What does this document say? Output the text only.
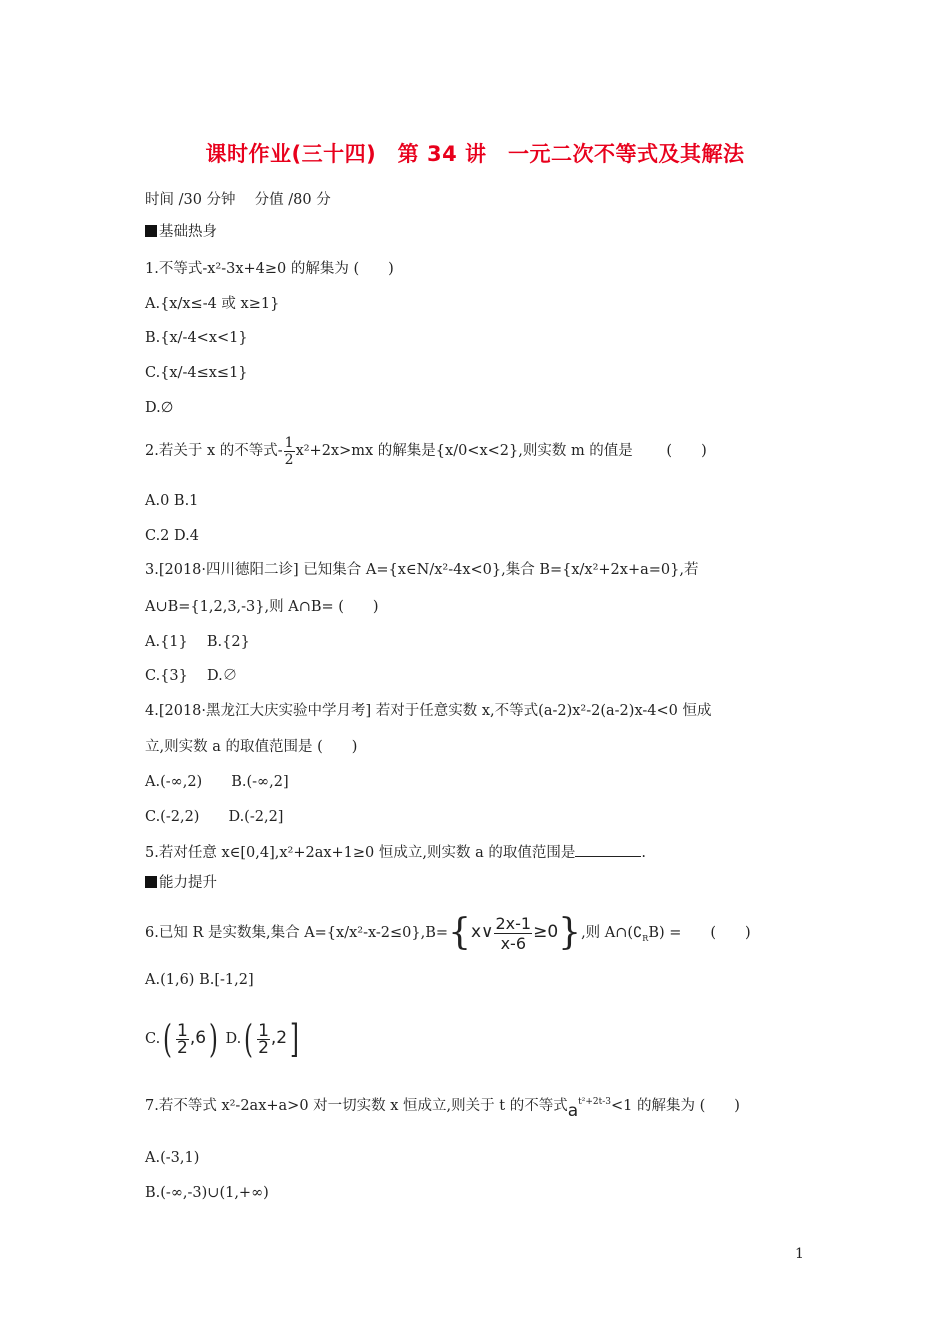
课时作业(三十四)　第 34 讲　一元二次不等式及其解法
时间 /30 分钟　 分值 /80 分
基础热身
1.不等式-x²-3x+4≥0 的解集为 (　　)
A.{x/x≤-4 或 x≥1}
B.{x/-4<x<1}
C.{x/-4≤x≤1}
D.∅
2.若关于 x 的不等式- $\frac{1}{2} x^2+2x>mx$ 的解集是{x/0<x<2},则实数 m 的值是　　 (　　)
A.0 B.1
C.2 D.4
3.[2018·四川德阳二诊] 已知集合 A={x∈N/x²-4x<0},集合 B={x/x²+2x+a=0},若
A∪B={1,2,3,-3},则 A∩B= (　　)
A.{1}　 B.{2}
C.{3}　 D.∅
4.[2018·黑龙江大庆实验中学月考] 若对于任意实数 x,不等式(a-2)x²-2(a-2)x-4<0 恒成
立,则实数 a 的取值范围是 (　　)
A.(-∞,2)　　B.(-∞,2]
C.(-2,2)　　D.(-2,2]
5.若对任意 x∈[0,4],x²+2ax+1≥0 恒成立,则实数 a 的取值范围是	.
能力提升
6.已知 R 是实数集,集合 A={x/x²-x-2≤0},B={x∨ $\frac{2x-1}{x-6} \ge 0$},则 $A\cap(∁_RB)$ =　　(　　)
A.(1,6) B.[-1,2]
$C.( \frac{1}{2} ,6)$ $D.( \frac{1}{2} ,2]$
7.若不等式 x²-2ax+a>0 对一切实数 x 恒成立,则关于 t 的不等式$a^{t^2+2t-3}<1$ 的解集为 (　　)
A.(-3,1)
B.(-∞,-3)∪(1,+∞)
1
